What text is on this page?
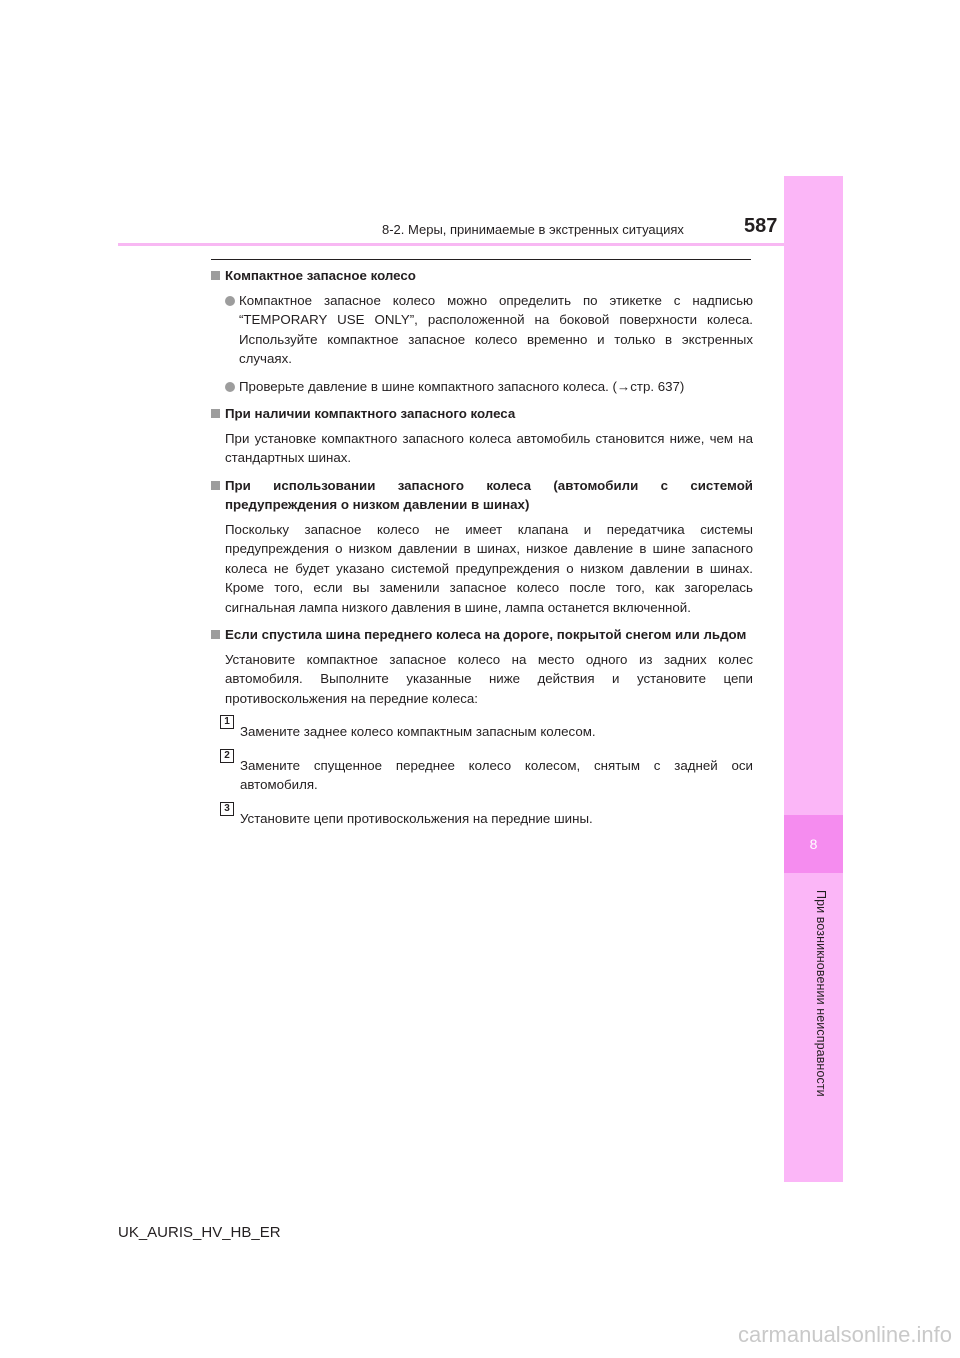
8
При возникновении неисправности
8-2. Меры, принимаемые в экстренных ситуациях	587
Компактное запасное колесо
Компактное запасное колесо можно определить по этикетке с надписью “TEMPORARY USE ONLY”, расположенной на боковой поверхности колеса. Используйте компактное запасное колесо временно и только в экстренных случаях.
Проверьте давление в шине компактного запасного колеса. (→стр. 637)
При наличии компактного запасного колеса
При установке компактного запасного колеса автомобиль становится ниже, чем на стандартных шинах.
При использовании запасного колеса (автомобили с системой предупреждения о низком давлении в шинах)
Поскольку запасное колесо не имеет клапана и передатчика системы предупреждения о низком давлении в шинах, низкое давление в шине запасного колеса не будет указано системой предупреждения о низком давлении в шинах. Кроме того, если вы заменили запасное колесо после того, как загорелась сигнальная лампа низкого давления в шине, лампа останется включенной.
Если спустила шина переднего колеса на дороге, покрытой снегом или льдом
Установите компактное запасное колесо на место одного из задних колес автомобиля. Выполните указанные ниже действия и установите цепи противоскольжения на передние колеса:
1
Замените заднее колесо компактным запасным колесом.
2
Замените спущенное переднее колесо колесом, снятым с задней оси автомобиля.
3
Установите цепи противоскольжения на передние шины.
UK_AURIS_HV_HB_ER
carmanualsonline.info
